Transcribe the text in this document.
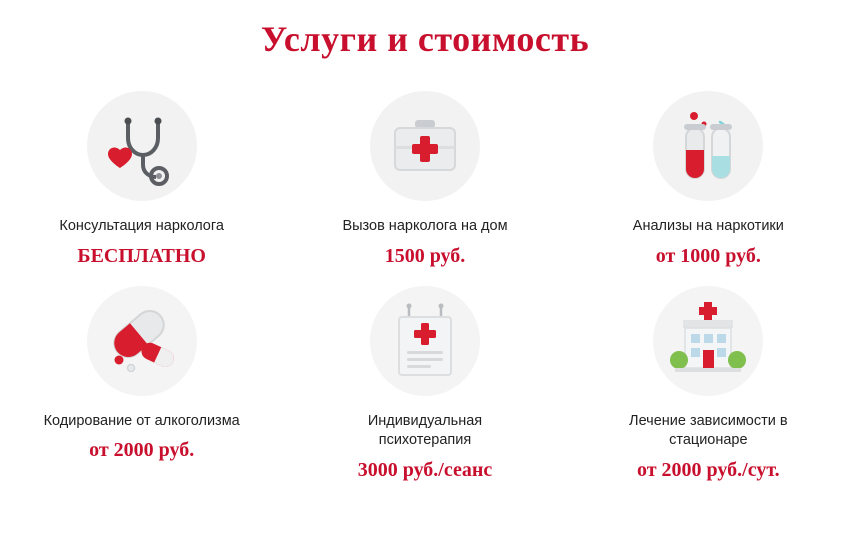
Услуги и стоимость
Консультация нарколога
БЕСПЛАТНО
Вызов нарколога на дом
1500 руб.
Анализы на наркотики
от 1000 руб.
Кодирование от алкоголизма
от 2000 руб.
Индивидуальная психотерапия
3000 руб./сеанс
Лечение зависимости в стационаре
от 2000 руб./сут.
